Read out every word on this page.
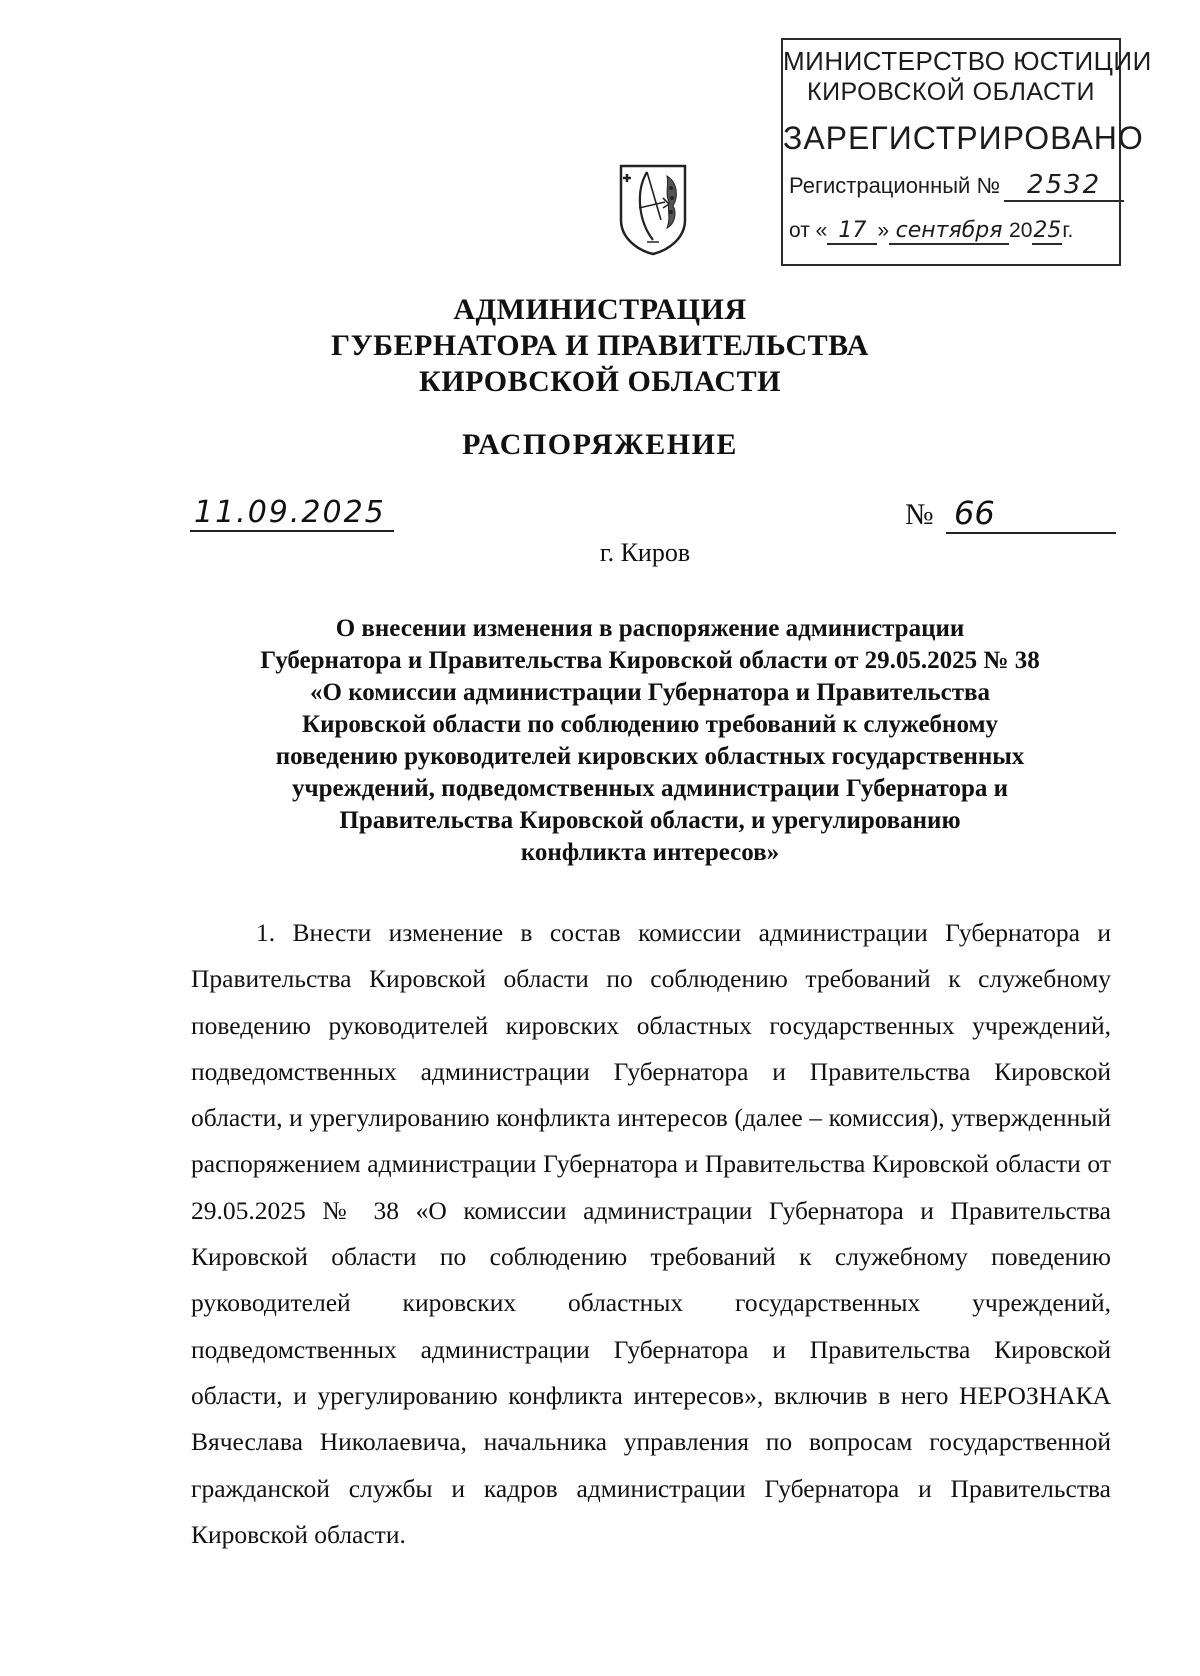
МИНИСТЕРСТВО ЮСТИЦИИ
КИРОВСКОЙ ОБЛАСТИ
ЗАРЕГИСТРИРОВАНО
Регистрационный № 2532
от « 17 » сентября 2025г.
АДМИНИСТРАЦИЯ
ГУБЕРНАТОРА И ПРАВИТЕЛЬСТВА
КИРОВСКОЙ ОБЛАСТИ
РАСПОРЯЖЕНИЕ
11.09.2025	№ 66
г. Киров
О внесении изменения в распоряжение администрации
Губернатора и Правительства Кировской области от 29.05.2025 № 38
«О комиссии администрации Губернатора и Правительства
Кировской области по соблюдению требований к служебному
поведению руководителей кировских областных государственных
учреждений, подведомственных администрации Губернатора и
Правительства Кировской области, и урегулированию
конфликта интересов»

1. Внести изменение в состав комиссии администрации Губернатора и Правительства Кировской области по соблюдению требований к служебному поведению руководителей кировских областных государственных учреждений, подведомственных администрации Губернатора и Правительства Кировской области, и урегулированию конфликта интересов (далее – комиссия), утвержденный распоряжением администрации Губернатора и Правительства Кировской области от 29.05.2025 № 38 «О комиссии администрации Губернатора и Правительства Кировской области по соблюдению требований к служебному поведению руководителей кировских областных государственных учреждений, подведомственных администрации Губернатора и Правительства Кировской области, и урегулированию конфликта интересов», включив в него НЕРОЗНАКА Вячеслава Николаевича, начальника управления по вопросам государственной гражданской службы и кадров администрации Губернатора и Правительства Кировской области.
